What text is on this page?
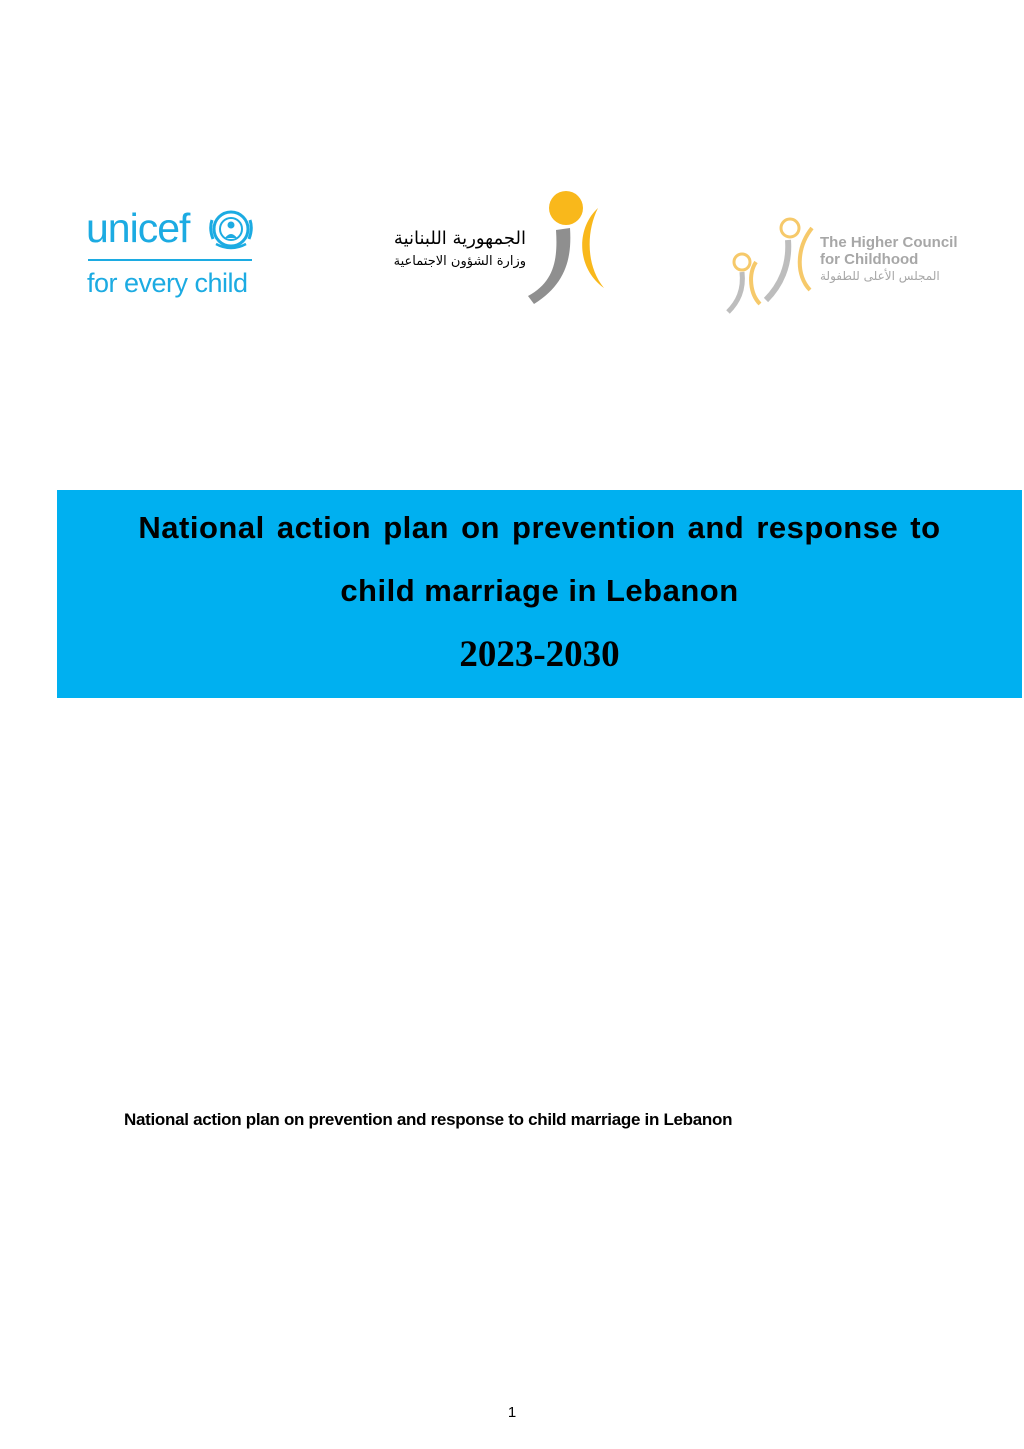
unicef
for every child
الجمهورية اللبنانية
وزارة الشؤون الاجتماعية
The Higher Council
for Childhood
المجلس الأعلى للطفولة
National action plan on prevention and response to
child marriage in Lebanon
2023-2030
National action plan on prevention and response to child marriage in Lebanon
1
